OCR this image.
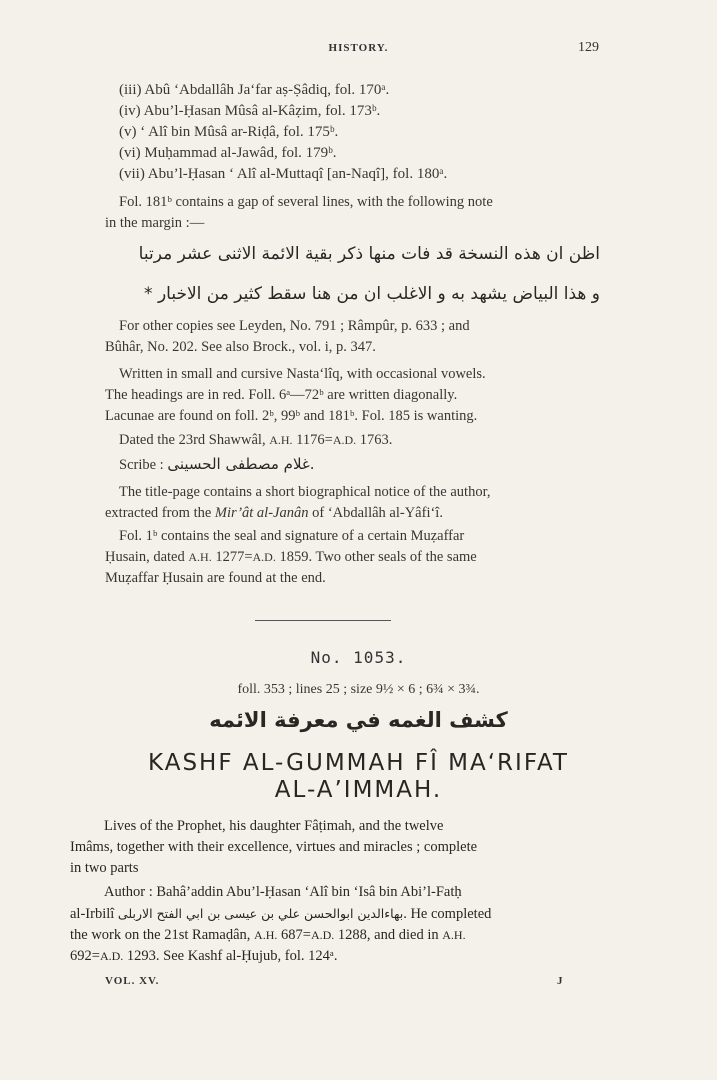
HISTORY.	129
(iii) Abû ‘Abdallâh Ja‘far aṣ-Ṣâdiq, fol. 170ᵃ.
(iv) Abu’l-Ḥasan Mûsâ al-Kâẓim, fol. 173ᵇ.
(v) ‘ Alî bin Mûsâ ar-Riḍâ, fol. 175ᵇ.
(vi) Muḥammad al-Jawâd, fol. 179ᵇ.
(vii) Abu’l-Ḥasan ‘ Alî al-Muttaqî [an-Naqî], fol. 180ᵃ.
Fol. 181ᵇ contains a gap of several lines, with the following note
in the margin :—
اظن ان هذه النسخة قد فات منها ذكر بقية الائمة الاثنى عشر مرتبا
و هذا البياض يشهد به و الاغلب ان من هنا سقط كثير من الاخبار *
For other copies see Leyden, No. 791 ; Râmpûr, p. 633 ; and
Bûhâr, No. 202. See also Brock., vol. i, p. 347.
Written in small and cursive Nasta‘lîq, with occasional vowels.
The headings are in red. Foll. 6ᵃ—72ᵇ are written diagonally.
Lacunae are found on foll. 2ᵇ, 99ᵇ and 181ᵇ. Fol. 185 is wanting.
Dated the 23rd Shawwâl, A.H. 1176=A.D. 1763.
Scribe : غلام مصطفى الحسينى.
The title-page contains a short biographical notice of the author,
extracted from the Mir’ât al-Janân of ‘Abdallâh al-Yâfi‘î.
Fol. 1ᵇ contains the seal and signature of a certain Muẓaffar
Ḥusain, dated A.H. 1277=A.D. 1859. Two other seals of the same
Muẓaffar Ḥusain are found at the end.
No. 1053.
foll. 353 ; lines 25 ; size 9½ × 6 ; 6¾ × 3¾.
كشف الغمه في معرفة الائمه
KASHF AL-GUMMAH FÎ MA‘RIFAT
AL-A’IMMAH.
Lives of the Prophet, his daughter Fâṭimah, and the twelve
Imâms, together with their excellence, virtues and miracles ; complete
in two parts
Author : Bahâ’addin Abu’l-Ḥasan ‘Alî bin ‘Isâ bin Abi’l-Fatḥ
al-Irbilî بهاءالدين ابوالحسن علي بن عيسى بن ابي الفتح الاربلى. He completed
the work on the 21st Ramaḍân, A.H. 687=A.D. 1288, and died in A.H.
692=A.D. 1293. See Kashf al-Ḥujub, fol. 124ᵃ.
VOL. XV.	J
